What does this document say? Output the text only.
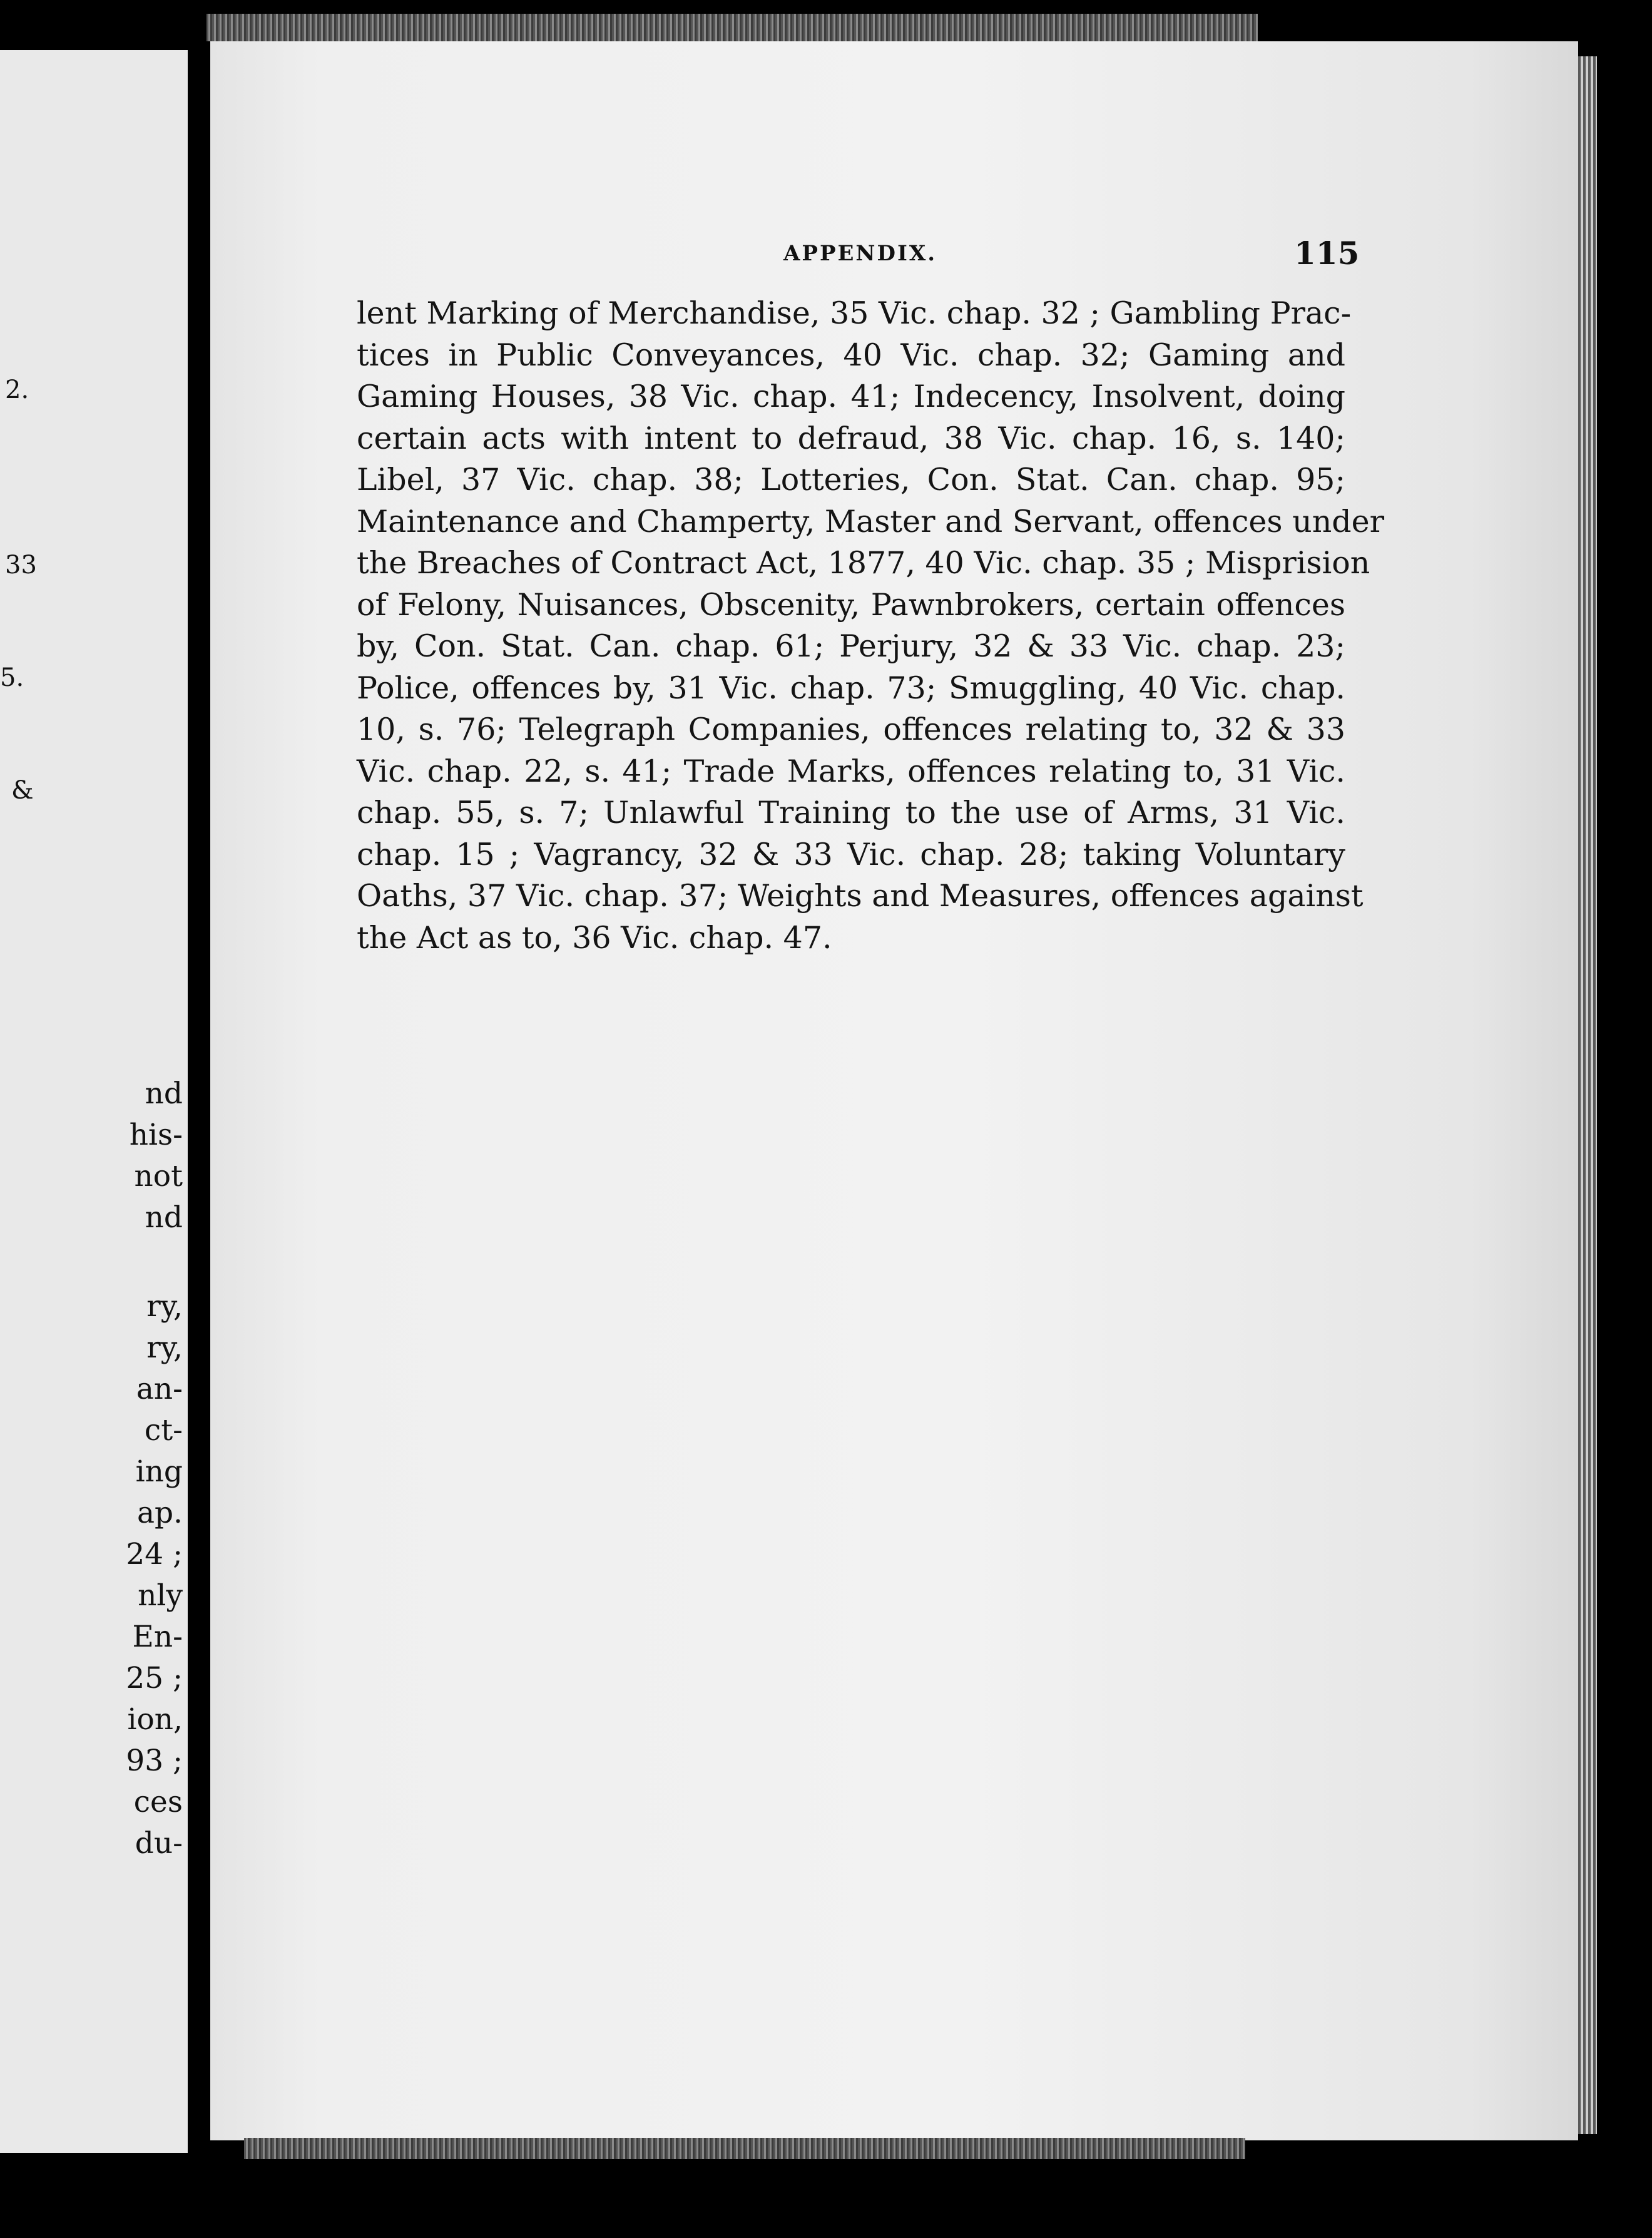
2.

33

5.

&

nd

his-

not

nd

ry,

ry,

an-

ct-

ing

ap.

24 ;

nly

En-

25 ;

ion,

93 ;

ces

du-

APPENDIX.	115

lent Marking of Merchandise, 35 Vic. chap. 32 ; Gambling Prac-
tices in Public Conveyances, 40 Vic. chap. 32; Gaming and
Gaming Houses, 38 Vic. chap. 41; Indecency, Insolvent, doing
certain acts with intent to defraud, 38 Vic. chap. 16, s. 140;
Libel, 37 Vic. chap. 38; Lotteries, Con. Stat. Can. chap. 95;
Maintenance and Champerty, Master and Servant, offences under
the Breaches of Contract Act, 1877, 40 Vic. chap. 35 ; Misprision
of Felony, Nuisances, Obscenity, Pawnbrokers, certain offences
by, Con. Stat. Can. chap. 61; Perjury, 32 & 33 Vic. chap. 23;
Police, offences by, 31 Vic. chap. 73; Smuggling, 40 Vic. chap.
10, s. 76; Telegraph Companies, offences relating to, 32 & 33
Vic. chap. 22, s. 41; Trade Marks, offences relating to, 31 Vic.
chap. 55, s. 7; Unlawful Training to the use of Arms, 31 Vic.
chap. 15 ; Vagrancy, 32 & 33 Vic. chap. 28; taking Voluntary
Oaths, 37 Vic. chap. 37; Weights and Measures, offences against
the Act as to, 36 Vic. chap. 47.
